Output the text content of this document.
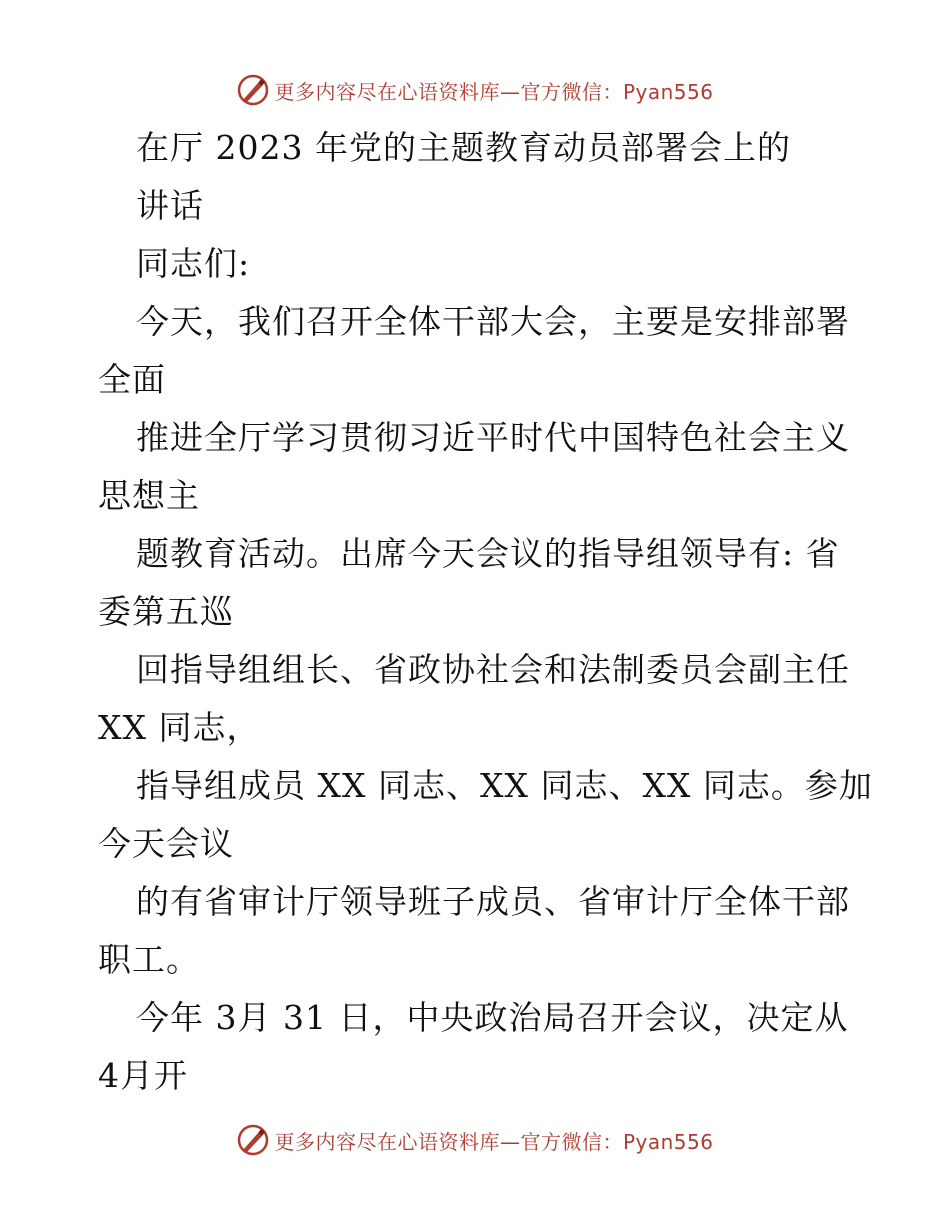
更多内容尽在心语资料库—官方微信：Pyan556
在厅 2023 年党的主题教育动员部署会上的
讲话
同志们:
今天，我们召开全体干部大会，主要是安排部署
全面
推进全厅学习贯彻习近平时代中国特色社会主义
思想主
题教育活动。出席今天会议的指导组领导有: 省
委第五巡
回指导组组长、省政协社会和法制委员会副主任
XX 同志，
指导组成员 XX 同志、XX 同志、XX 同志。参加
今天会议
的有省审计厅领导班子成员、省审计厅全体干部
职工。
今年 3月 31 日，中央政治局召开会议，决定从
4月开
更多内容尽在心语资料库—官方微信：Pyan556
